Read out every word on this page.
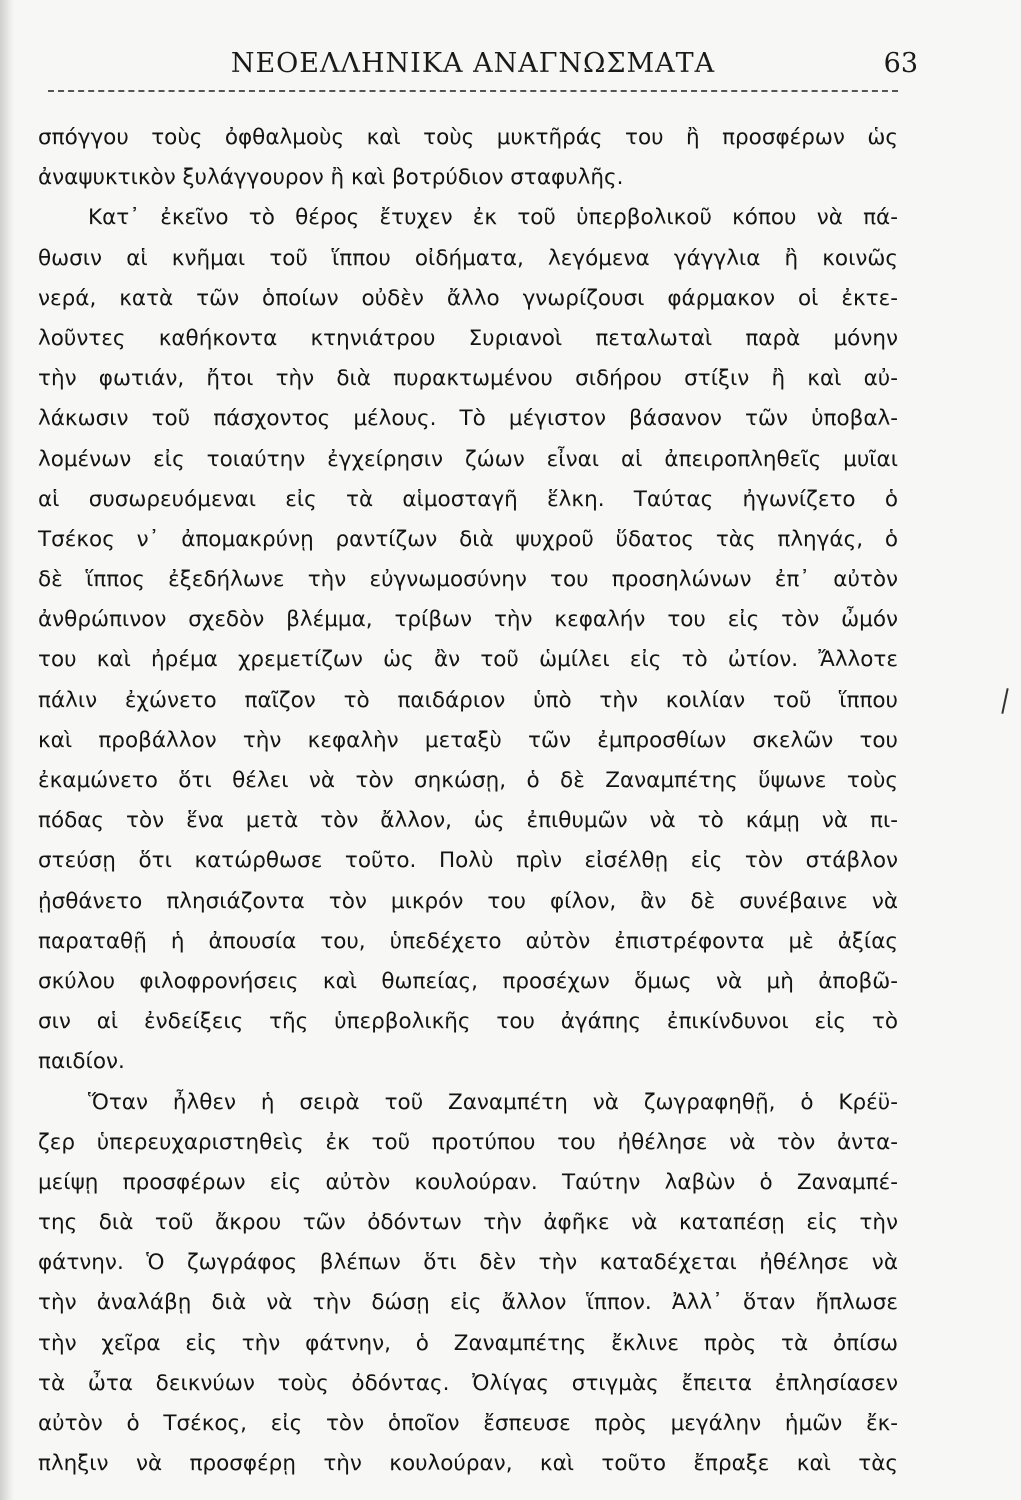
ΝΕΟΕΛΛΗΝΙΚΑ ΑΝΑΓΝΩΣΜΑΤΑ	63
σπόγγου τοὺς ὀφθαλμοὺς καὶ τοὺς μυκτῆράς του ἢ προσφέρων ὡς
ἀναψυκτικὸν ξυλάγγουρον ἢ καὶ βοτρύδιον σταφυλῆς.
Κατ᾽ ἐκεῖνο τὸ θέρος ἔτυχεν ἐκ τοῦ ὑπερβολικοῦ κόπου νὰ πά-
θωσιν αἱ κνῆμαι τοῦ ἵππου οἰδήματα, λεγόμενα γάγγλια ἢ κοινῶς
νερά, κατὰ τῶν ὁποίων οὐδὲν ἄλλο γνωρίζουσι φάρμακον οἱ ἐκτε-
λοῦντες καθήκοντα κτηνιάτρου Συριανοὶ πεταλωταὶ παρὰ μόνην
τὴν φωτιάν, ἤτοι τὴν διὰ πυρακτωμένου σιδήρου στίξιν ἢ καὶ αὐ-
λάκωσιν τοῦ πάσχοντος μέλους. Τὸ μέγιστον βάσανον τῶν ὑποβαλ-
λομένων εἰς τοιαύτην ἐγχείρησιν ζώων εἶναι αἱ ἀπειροπληθεῖς μυῖαι
αἱ συσωρευόμεναι εἰς τὰ αἱμοσταγῆ ἕλκη. Ταύτας ἠγωνίζετο ὁ
Τσέκος ν᾽ ἀπομακρύνῃ ραντίζων διὰ ψυχροῦ ὕδατος τὰς πληγάς, ὁ
δὲ ἵππος ἐξεδήλωνε τὴν εὐγνωμοσύνην του προσηλώνων ἐπ᾽ αὐτὸν
ἀνθρώπινον σχεδὸν βλέμμα, τρίβων τὴν κεφαλήν του εἰς τὸν ὦμόν
του καὶ ἠρέμα χρεμετίζων ὡς ἂν τοῦ ὡμίλει εἰς τὸ ὠτίον. Ἄλλοτε
πάλιν ἐχώνετο παῖζον τὸ παιδάριον ὑπὸ τὴν κοιλίαν τοῦ ἵππου
καὶ προβάλλον τὴν κεφαλὴν μεταξὺ τῶν ἐμπροσθίων σκελῶν του
ἐκαμώνετο ὅτι θέλει νὰ τὸν σηκώσῃ, ὁ δὲ Ζαναμπέτης ὕψωνε τοὺς
πόδας τὸν ἕνα μετὰ τὸν ἄλλον, ὡς ἐπιθυμῶν νὰ τὸ κάμῃ νὰ πι-
στεύσῃ ὅτι κατώρθωσε τοῦτο. Πολὺ πρὶν εἰσέλθῃ εἰς τὸν στάβλον
ᾐσθάνετο πλησιάζοντα τὸν μικρόν του φίλον, ἂν δὲ συνέβαινε νὰ
παραταθῇ ἡ ἀπουσία του, ὑπεδέχετο αὐτὸν ἐπιστρέφοντα μὲ ἀξίας
σκύλου φιλοφρονήσεις καὶ θωπείας, προσέχων ὅμως νὰ μὴ ἀποβῶ-
σιν αἱ ἐνδείξεις τῆς ὑπερβολικῆς του ἀγάπης ἐπικίνδυνοι εἰς τὸ
παιδίον.
Ὅταν ἦλθεν ἡ σειρὰ τοῦ Ζαναμπέτη νὰ ζωγραφηθῇ, ὁ Κρέϋ-
ζερ ὑπερευχαριστηθεὶς ἐκ τοῦ προτύπου του ἠθέλησε νὰ τὸν ἀντα-
μείψῃ προσφέρων εἰς αὐτὸν κουλούραν. Ταύτην λαβὼν ὁ Ζαναμπέ-
της διὰ τοῦ ἄκρου τῶν ὀδόντων τὴν ἀφῆκε νὰ καταπέσῃ εἰς τὴν
φάτνην. Ὁ ζωγράφος βλέπων ὅτι δὲν τὴν καταδέχεται ἠθέλησε νὰ
τὴν ἀναλάβῃ διὰ νὰ τὴν δώσῃ εἰς ἄλλον ἵππον. Ἀλλ᾽ ὅταν ἥπλωσε
τὴν χεῖρα εἰς τὴν φάτνην, ὁ Ζαναμπέτης ἔκλινε πρὸς τὰ ὀπίσω
τὰ ὦτα δεικνύων τοὺς ὀδόντας. Ὀλίγας στιγμὰς ἔπειτα ἐπλησίασεν
αὐτὸν ὁ Τσέκος, εἰς τὸν ὁποῖον ἔσπευσε πρὸς μεγάλην ἡμῶν ἔκ-
πληξιν νὰ προσφέρῃ τὴν κουλούραν, καὶ τοῦτο ἔπραξε καὶ τὰς
